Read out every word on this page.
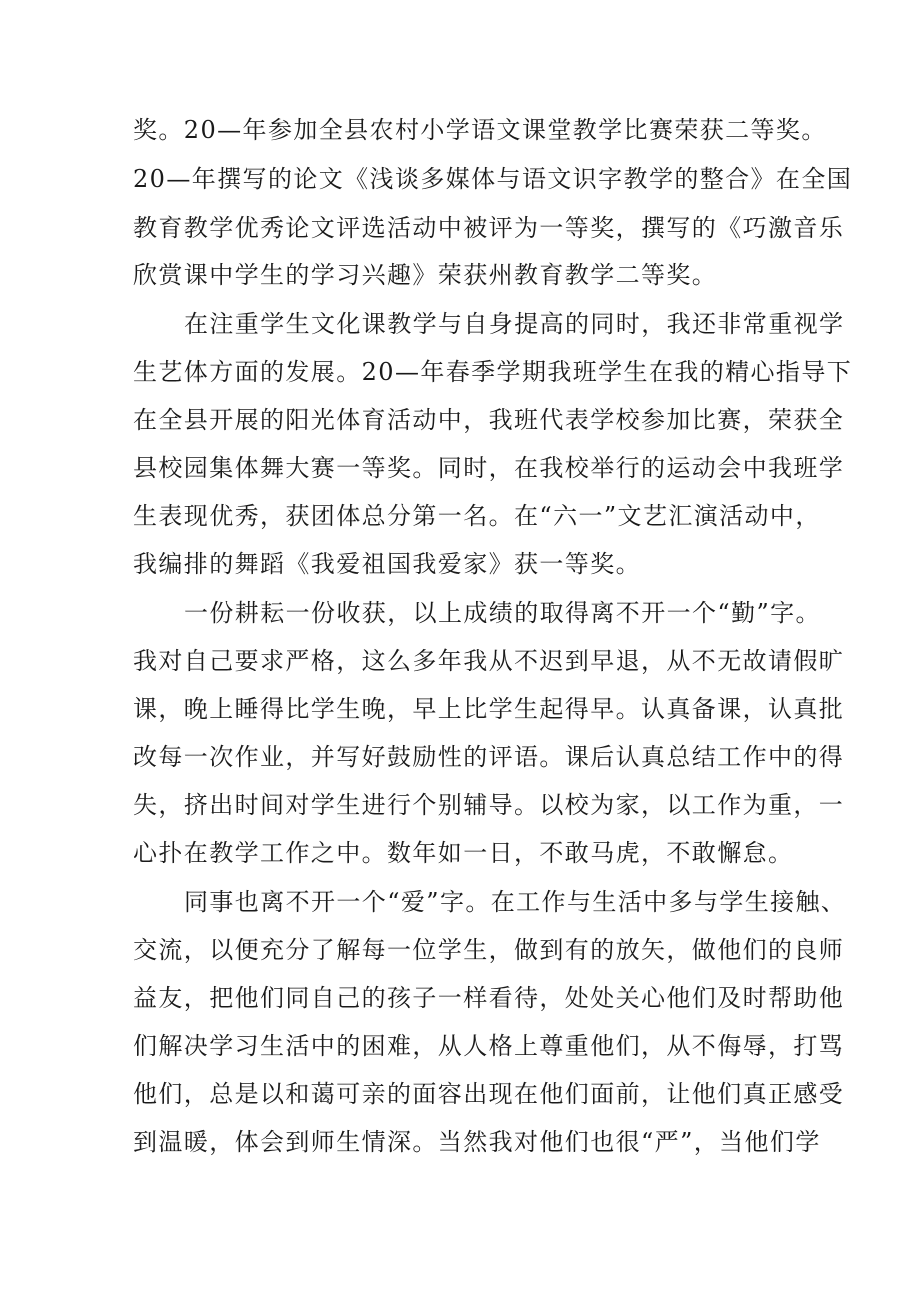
奖。20—年参加全县农村小学语文课堂教学比赛荣获二等奖。
20—年撰写的论文《浅谈多媒体与语文识字教学的整合》在全国
教育教学优秀论文评选活动中被评为一等奖，撰写的《巧激音乐
欣赏课中学生的学习兴趣》荣获州教育教学二等奖。
在注重学生文化课教学与自身提高的同时，我还非常重视学
生艺体方面的发展。20—年春季学期我班学生在我的精心指导下
在全县开展的阳光体育活动中，我班代表学校参加比赛，荣获全
县校园集体舞大赛一等奖。同时，在我校举行的运动会中我班学
生表现优秀，获团体总分第一名。在“六一”文艺汇演活动中，
我编排的舞蹈《我爱祖国我爱家》获一等奖。
一份耕耘一份收获，以上成绩的取得离不开一个“勤”字。
我对自己要求严格，这么多年我从不迟到早退，从不无故请假旷
课，晚上睡得比学生晚，早上比学生起得早。认真备课，认真批
改每一次作业，并写好鼓励性的评语。课后认真总结工作中的得
失，挤出时间对学生进行个别辅导。以校为家，以工作为重，一
心扑在教学工作之中。数年如一日，不敢马虎，不敢懈怠。
同事也离不开一个“爱”字。在工作与生活中多与学生接触、
交流，以便充分了解每一位学生，做到有的放矢，做他们的良师
益友，把他们同自己的孩子一样看待，处处关心他们及时帮助他
们解决学习生活中的困难，从人格上尊重他们，从不侮辱，打骂
他们，总是以和蔼可亲的面容出现在他们面前，让他们真正感受
到温暖，体会到师生情深。当然我对他们也很“严”，当他们学
